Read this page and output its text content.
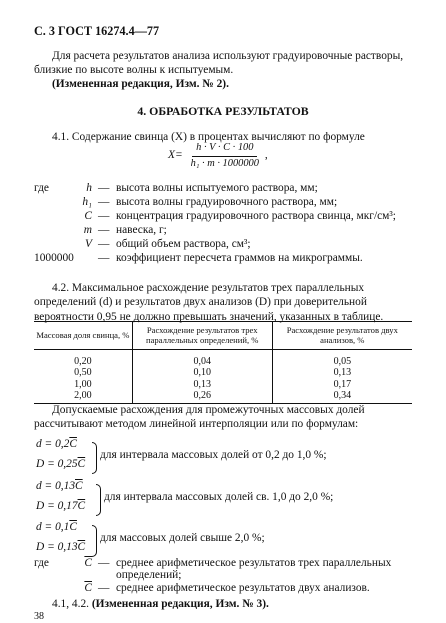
С. 3 ГОСТ 16274.4—77
Для расчета результатов анализа используют градуировочные растворы, близкие по высоте волны к испытуемым.
(Измененная редакция, Изм. № 2).
4. ОБРАБОТКА РЕЗУЛЬТАТОВ
4.1. Содержание свинца (X) в процентах вычисляют по формуле
$X= \frac{h \cdot V \cdot C \cdot 100}{\text{h₁ · m · 1000000}}$ ,
где	h — высота волны испытуемого раствора, мм;
h₁ — высота волны градуировочного раствора, мм;
C — концентрация градуировочного раствора свинца, мкг/см³;
m — навеска, г;
V — общий объем раствора, см³;
1000000 — коэффициент пересчета граммов на микрограммы.
4.2. Максимальное расхождение результатов трех параллельных определений (d) и результатов двух анализов (D) при доверительной вероятности 0,95 не должно превышать значений, указанных в таблице.
Массовая доля свинца, %	Расхождение результатов трех параллельных определений, %	Расхождение результатов двух анализов, %
0,20	0,04	0,05
0,50	0,10	0,13
1,00	0,13	0,17
2,00	0,26	0,34
Допускаемые расхождения для промежуточных массовых долей рассчитывают методом линейной интерполяции или по формулам:
$d = 0,2\overline{C}$
$D = 0,25\overline{C}$
для интервала массовых долей от 0,2 до 1,0 %;
$d = 0,13\overline{C}$
$D = 0,17\overline{C}$
для интервала массовых долей св. 1,0 до 2,0 %;
$d = 0,1\overline{C}$
$D = 0,13\overline{C}$
для массовых долей свыше 2,0 %;
где	$\overline{C}$ — среднее арифметическое результатов трех параллельных
определений;
$\overline{C}$ — среднее арифметическое результатов двух анализов.
4.1, 4.2. (Измененная редакция, Изм. № 3).
38
